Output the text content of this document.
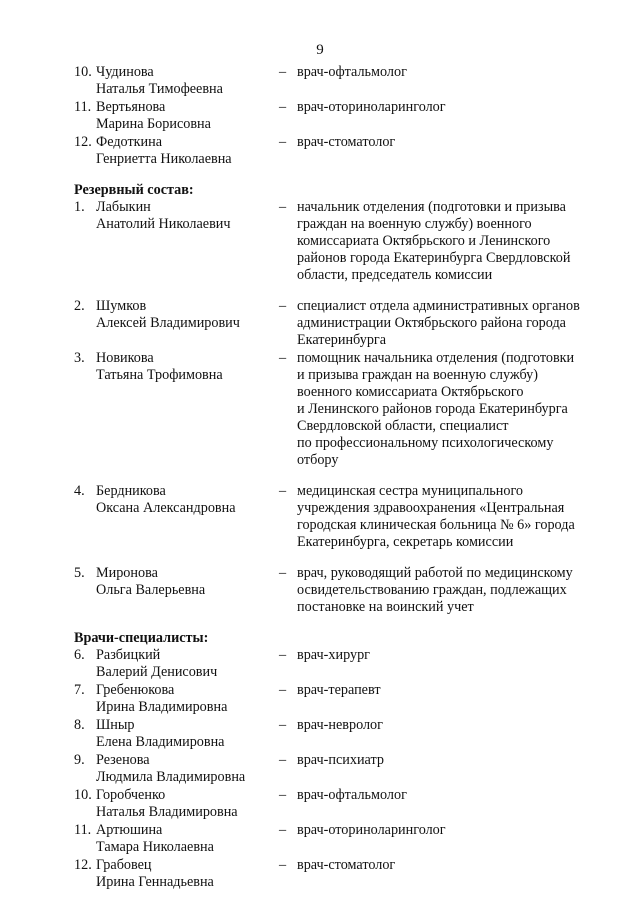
9
10. Чудинова
Наталья Тимофеевна
– врач-офтальмолог
11. Вертьянова
Марина Борисовна
– врач-оториноларинголог
12. Федоткина
Генриетта Николаевна
– врач-стоматолог
Резервный состав:
1. Лабыкин
Анатолий Николаевич
– начальник отделения (подготовки и призыва
граждан на военную службу) военного
комиссариата Октябрьского и Ленинского
районов города Екатеринбурга Свердловской
области, председатель комиссии
2. Шумков
Алексей Владимирович
– специалист отдела административных органов
администрации Октябрьского района города
Екатеринбурга
3. Новикова
Татьяна Трофимовна
– помощник начальника отделения (подготовки
и призыва граждан на военную службу)
военного комиссариата Октябрьского
и Ленинского районов города Екатеринбурга
Свердловской области, специалист
по профессиональному психологическому
отбору
4. Бердникова
Оксана Александровна
– медицинская сестра муниципального
учреждения здравоохранения «Центральная
городская клиническая больница № 6» города
Екатеринбурга, секретарь комиссии
5. Миронова
Ольга Валерьевна
– врач, руководящий работой по медицинскому
освидетельствованию граждан, подлежащих
постановке на воинский учет
Врачи-специалисты:
6. Разбицкий
Валерий Денисович
– врач-хирург
7. Гребенюкова
Ирина Владимировна
– врач-терапевт
8. Шныр
Елена Владимировна
– врач-невролог
9. Резенова
Людмила Владимировна
– врач-психиатр
10. Горобченко
Наталья Владимировна
– врач-офтальмолог
11. Артюшина
Тамара Николаевна
– врач-оториноларинголог
12. Грабовец
Ирина Геннадьевна
– врач-стоматолог
